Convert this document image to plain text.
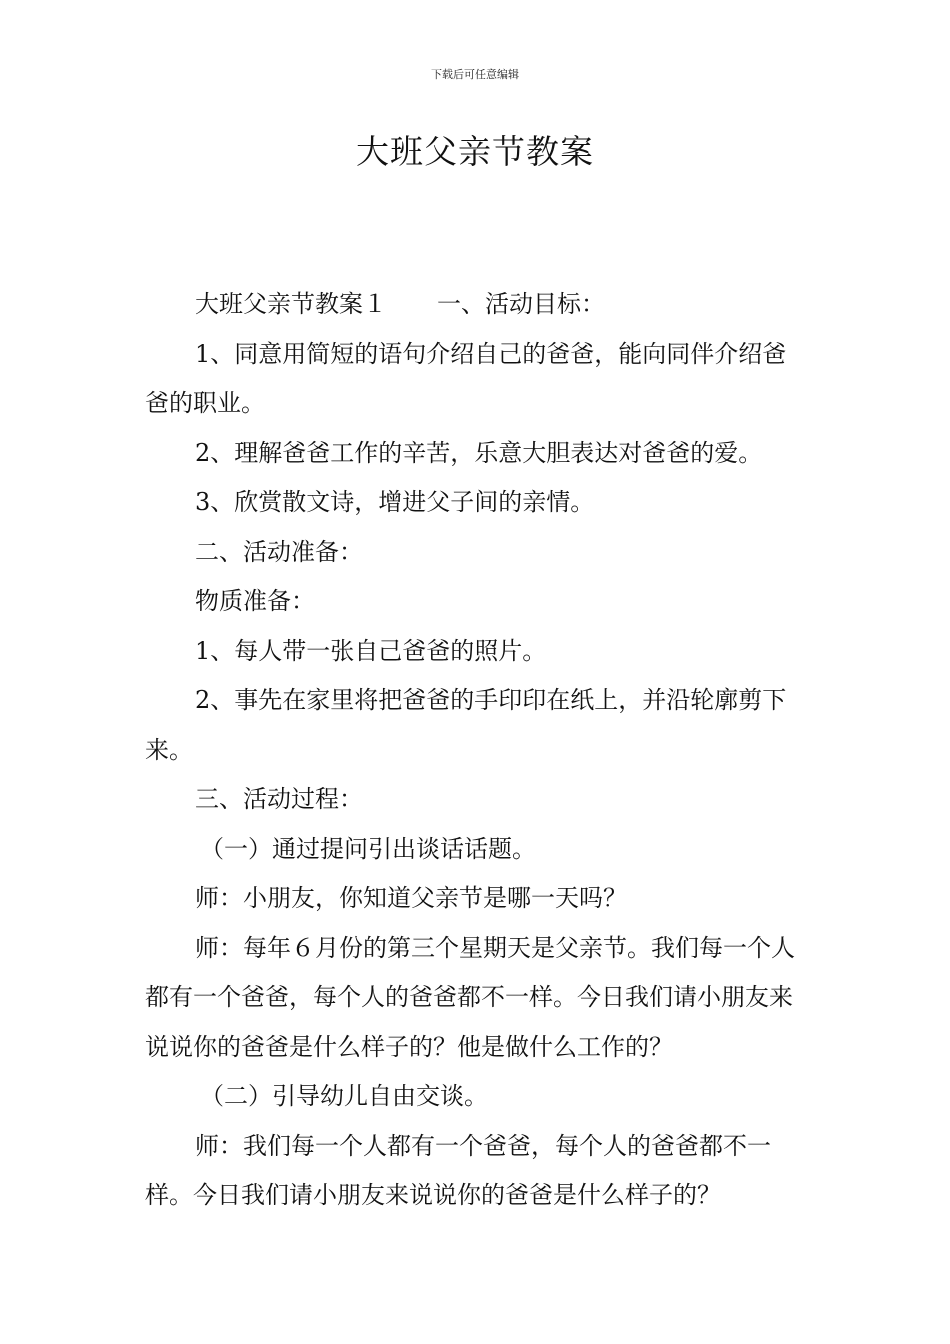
下载后可任意编辑
大班父亲节教案

大班父亲节教案１ 一、活动目标：

1、同意用简短的语句介绍自己的爸爸，能向同伴介绍爸爸的职业。

2、理解爸爸工作的辛苦，乐意大胆表达对爸爸的爱。

3、欣赏散文诗，增进父子间的亲情。

二、活动准备：

物质准备：

1、每人带一张自己爸爸的照片。

2、事先在家里将把爸爸的手印印在纸上，并沿轮廓剪下来。

三、活动过程：

（一）通过提问引出谈话话题。

师：小朋友，你知道父亲节是哪一天吗？

师：每年６月份的第三个星期天是父亲节。我们每一个人都有一个爸爸，每个人的爸爸都不一样。今日我们请小朋友来说说你的爸爸是什么样子的？他是做什么工作的？

（二）引导幼儿自由交谈。

师：我们每一个人都有一个爸爸，每个人的爸爸都不一样。今日我们请小朋友来说说你的爸爸是什么样子的？
